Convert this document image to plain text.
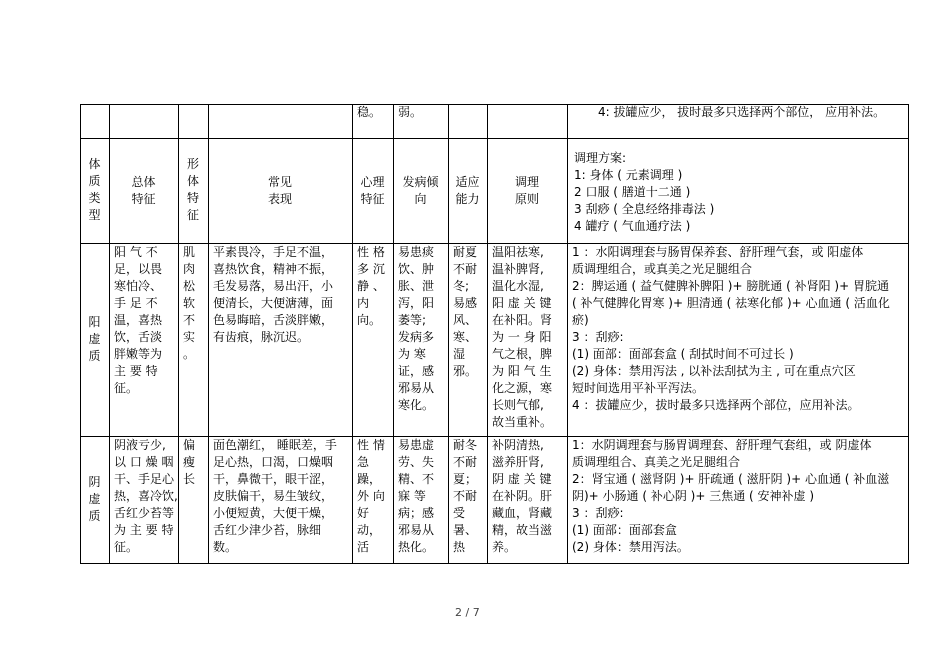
稳。	弱。	4: 拔罐应少， 拔时最多只选择两个部位， 应用补法。
体
质
类
型
总体
特征
形
体
特
征
常见
表现
心理
特征
发病倾
向
适应
能力
调理
原则
调理方案:
1: 身体 ( 元素调理 )
2 口服 ( 膳道十二通 )
3 刮痧 ( 全息经络排毒法 )
4 罐疗 ( 气血通疗法 )
阳
虚
质
阳 气 不
足，以畏
寒怕冷、
手 足 不
温，喜热
饮，舌淡
胖嫩等为
主 要 特
征。
肌
肉
松
软
不
实
。
平素畏冷，手足不温，
喜热饮食，精神不振，
毛发易落，易出汗，小
便清长，大便溏薄，面
色易晦暗，舌淡胖嫩，
有齿痕，脉沉迟。
性 格
多 沉
静 、
内
向。
易患痰
饮、肿
胀、泄
泻，阳
萎等;
发病多
为 寒
证，感
邪易从
寒化。
耐夏
不耐
冬;
易感
风、
寒、
湿
邪。
温阳祛寒,
温补脾肾,
温化水湿,
阳 虚 关 键
在补阳。肾
为 一 身 阳
气之根，脾
为 阳 气 生
化之源，寒
长则气郁,
故当重补。
1 ：水阳调理套与肠胃保养套、舒肝理气套，或 阳虚体
质调理组合，或真美之光足腿组合
2：脾运通 ( 益气健脾补脾阳 )+ 膀胱通 ( 补肾阳 )+ 胃脘通
( 补气健脾化胃寒 )+ 胆清通 ( 祛寒化郁 )+ 心血通 ( 活血化
瘀)
3 ：刮痧:
(1) 面部：面部套盒 ( 刮拭时间不可过长 )
(2) 身体：禁用泻法 , 以补法刮拭为主 , 可在重点穴区
短时间选用平补平泻法。
4 ：拔罐应少，拔时最多只选择两个部位，应用补法。
阴
虚
质
阴液亏少,
以 口 燥 咽
干、手足心
热，喜冷饮,
舌红少苔等
为 主 要 特
征。
偏
瘦
长
面色潮红， 睡眠差，手
足心热，口渴，口燥咽
干，鼻微干，眼干涩，
皮肤偏干，易生皱纹，
小便短黄，大便干燥，
舌红少津少苔，脉细
数。
性 情
急
躁，
外 向
好
动，
活
易患虚
劳、失
精、不
寐 等
病；感
邪易从
热化。
耐冬
不耐
夏；
不耐
受
暑、
热
补阴清热,
滋养肝肾,
阴 虚 关 键
在补阴。肝
藏血，肾藏
精，故当滋
养。
1：水阴调理套与肠胃调理套、舒肝理气套组，或 阴虚体
质调理组合、真美之光足腿组合
2：肾宝通 ( 滋肾阴 )+ 肝疏通 ( 滋肝阴 )+ 心血通 ( 补血滋
阴)+ 小肠通 ( 补心阴 )+ 三焦通 ( 安神补虚 )
3 ：刮痧:
(1) 面部：面部套盒
(2) 身体：禁用泻法。
2 / 7
